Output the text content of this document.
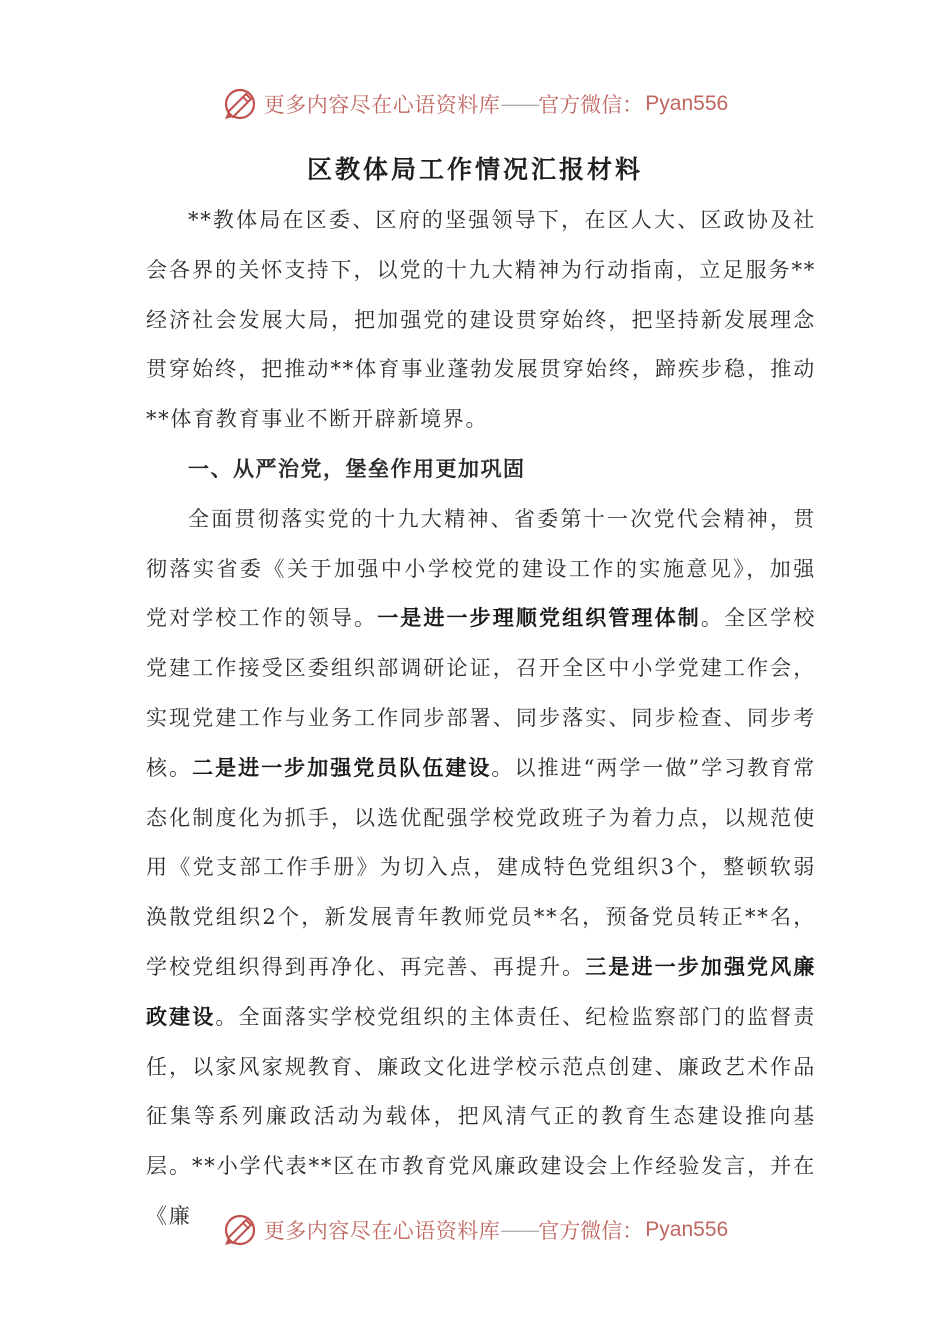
更多内容尽在心语资料库 —— 官方微信： Pyan556
区教体局工作情况汇报材料

**教体局在区委、区府的坚强领导下，在区人大、区政协及社会各界的关怀支持下，以党的十九大精神为行动指南，立足服务**经济社会发展大局，把加强党的建设贯穿始终，把坚持新发展理念贯穿始终，把推动**体育事业蓬勃发展贯穿始终，蹄疾步稳，推动**体育教育事业不断开辟新境界。

一、从严治党，堡垒作用更加巩固

全面贯彻落实党的十九大精神、省委第十一次党代会精神，贯彻落实省委《关于加强中小学校党的建设工作的实施意见》，加强党对学校工作的领导。一是进一步理顺党组织管理体制。全区学校党建工作接受区委组织部调研论证，召开全区中小学党建工作会，实现党建工作与业务工作同步部署、同步落实、同步检查、同步考核。二是进一步加强党员队伍建设。以推进“两学一做”学习教育常态化制度化为抓手，以选优配强学校党政班子为着力点，以规范使用《党支部工作手册》为切入点，建成特色党组织3个，整顿软弱涣散党组织2个，新发展青年教师党员**名，预备党员转正**名，学校党组织得到再净化、再完善、再提升。三是进一步加强党风廉政建设。全面落实学校党组织的主体责任、纪检监察部门的监督责任，以家风家规教育、廉政文化进学校示范点创建、廉政艺术作品征集等系列廉政活动为载体，把风清气正的教育生态建设推向基层。**小学代表**区在市教育党风廉政建设会上作经验发言，并在《廉

更多内容尽在心语资料库 —— 官方微信： Pyan556
